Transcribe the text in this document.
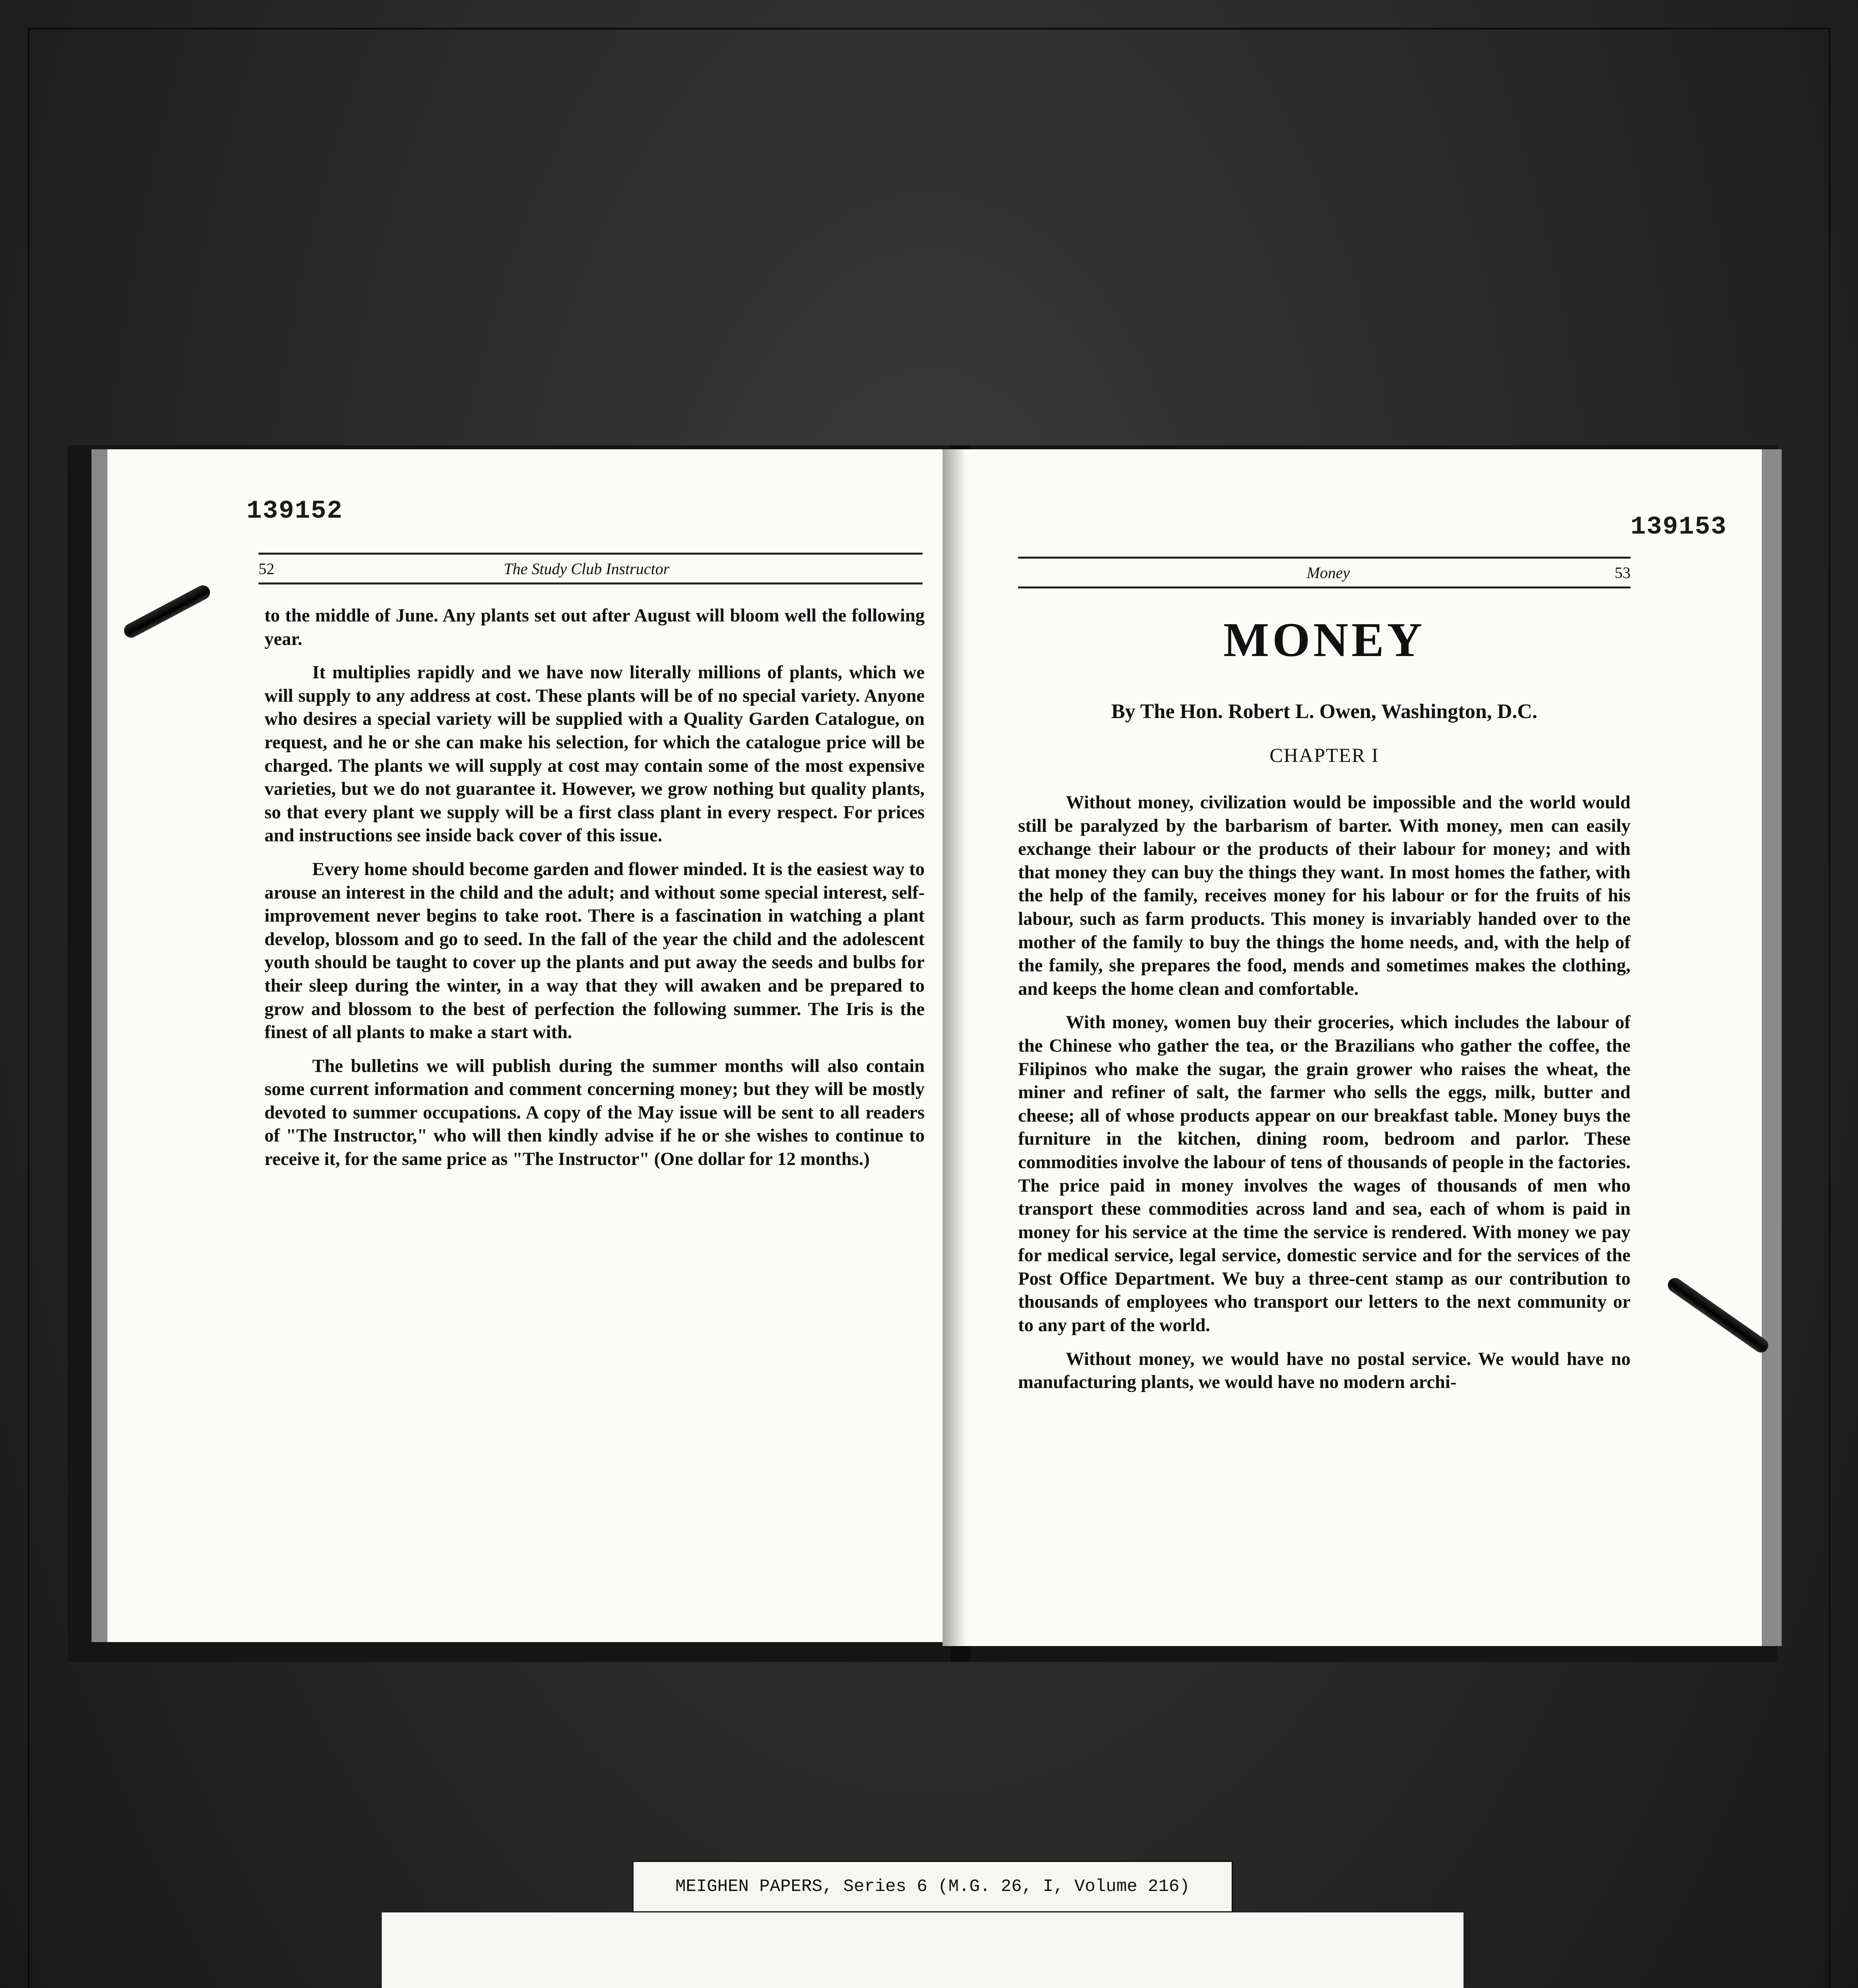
139152
52	The Study Club Instructor

to the middle of June. Any plants set out after August will bloom well the following year.

It multiplies rapidly and we have now literally millions of plants, which we will supply to any address at cost. These plants will be of no special variety. Anyone who desires a special variety will be supplied with a Quality Garden Catalogue, on request, and he or she can make his selection, for which the catalogue price will be charged. The plants we will supply at cost may contain some of the most expensive varieties, but we do not guarantee it. However, we grow nothing but quality plants, so that every plant we supply will be a first class plant in every respect. For prices and instructions see inside back cover of this issue.

Every home should become garden and flower minded. It is the easiest way to arouse an interest in the child and the adult; and without some special interest, self-improvement never begins to take root. There is a fascination in watching a plant develop, blossom and go to seed. In the fall of the year the child and the adolescent youth should be taught to cover up the plants and put away the seeds and bulbs for their sleep during the winter, in a way that they will awaken and be prepared to grow and blossom to the best of perfection the following summer. The Iris is the finest of all plants to make a start with.

The bulletins we will publish during the summer months will also contain some current information and comment concerning money; but they will be mostly devoted to summer occupations. A copy of the May issue will be sent to all readers of "The Instructor," who will then kindly advise if he or she wishes to continue to receive it, for the same price as "The Instructor" (One dollar for 12 months.)

139153
Money	53
MONEY
By The Hon. Robert L. Owen, Washington, D.C.
CHAPTER I

Without money, civilization would be impossible and the world would still be paralyzed by the barbarism of barter. With money, men can easily exchange their labour or the products of their labour for money; and with that money they can buy the things they want. In most homes the father, with the help of the family, receives money for his labour or for the fruits of his labour, such as farm products. This money is invariably handed over to the mother of the family to buy the things the home needs, and, with the help of the family, she prepares the food, mends and sometimes makes the clothing, and keeps the home clean and comfortable.

With money, women buy their groceries, which includes the labour of the Chinese who gather the tea, or the Brazilians who gather the coffee, the Filipinos who make the sugar, the grain grower who raises the wheat, the miner and refiner of salt, the farmer who sells the eggs, milk, butter and cheese; all of whose products appear on our breakfast table. Money buys the furniture in the kitchen, dining room, bedroom and parlor. These commodities involve the labour of tens of thousands of people in the factories. The price paid in money involves the wages of thousands of men who transport these commodities across land and sea, each of whom is paid in money for his service at the time the service is rendered. With money we pay for medical service, legal service, domestic service and for the services of the Post Office Department. We buy a three-cent stamp as our contribution to thousands of employees who transport our letters to the next community or to any part of the world.

Without money, we would have no postal service. We would have no manufacturing plants, we would have no modern archi-

MEIGHEN PAPERS, Series 6 (M.G. 26, I, Volume 216)
